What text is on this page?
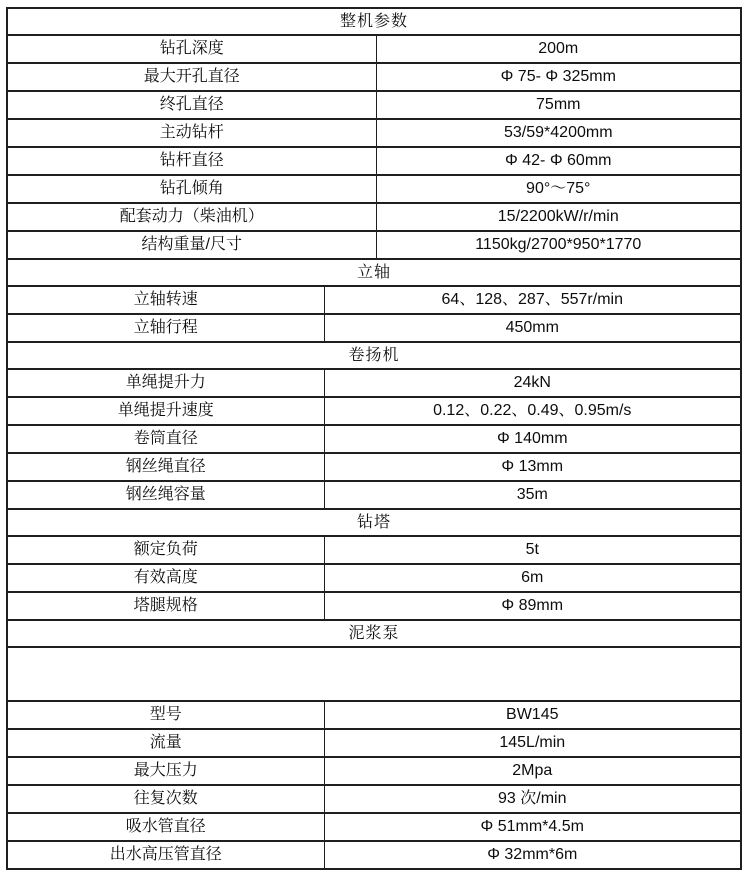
整机参数		
钻孔深度		200m
最大开孔直径		Φ 75- Φ 325mm
终孔直径		75mm
主动钻杆		53/59*4200mm
钻杆直径		Φ 42- Φ 60mm
钻孔倾角		90°～75°
配套动力（柴油机）		15/2200kW/r/min
结构重量/尺寸		1150kg/2700*950*1770
立轴		
立轴转速	64、128、287、557r/min	
立轴行程	450mm	
卷扬机		
单绳提升力	24kN	
单绳提升速度	0.12、0.22、0.49、0.95m/s	
卷筒直径	Φ 140mm	
钢丝绳直径	Φ 13mm	
钢丝绳容量	35m	
钻塔		
额定负荷	5t	
有效高度	6m	
塔腿规格	Φ 89mm	
泥浆泵		

型号	BW145	
流量	145L/min	
最大压力	2Mpa	
往复次数	93 次/min	
吸水管直径	Φ 51mm*4.5m	
出水高压管直径	Φ 32mm*6m	
